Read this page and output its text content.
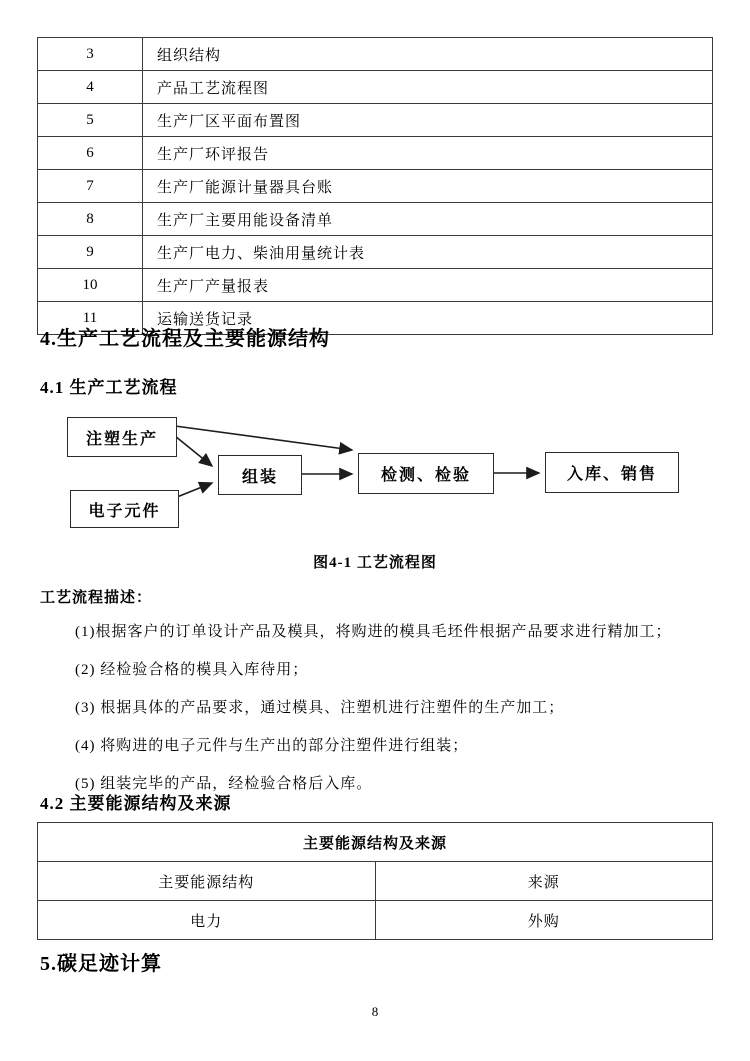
3	组织结构
4	产品工艺流程图
5	生产厂区平面布置图
6	生产厂环评报告
7	生产厂能源计量器具台账
8	生产厂主要用能设备清单
9	生产厂电力、柴油用量统计表
10	生产厂产量报表
11	运输送货记录
4.生产工艺流程及主要能源结构
4.1 生产工艺流程
注塑生产
电子元件
组装	检测、检验	入库、销售
图4-1 工艺流程图
工艺流程描述：
(1)根据客户的订单设计产品及模具，将购进的模具毛坯件根据产品要求进行精加工；
(2) 经检验合格的模具入库待用；
(3) 根据具体的产品要求，通过模具、注塑机进行注塑件的生产加工；
(4) 将购进的电子元件与生产出的部分注塑件进行组装；
(5) 组装完毕的产品，经检验合格后入库。
4.2 主要能源结构及来源
主要能源结构及来源	
主要能源结构	来源
电力	外购
5.碳足迹计算
8
